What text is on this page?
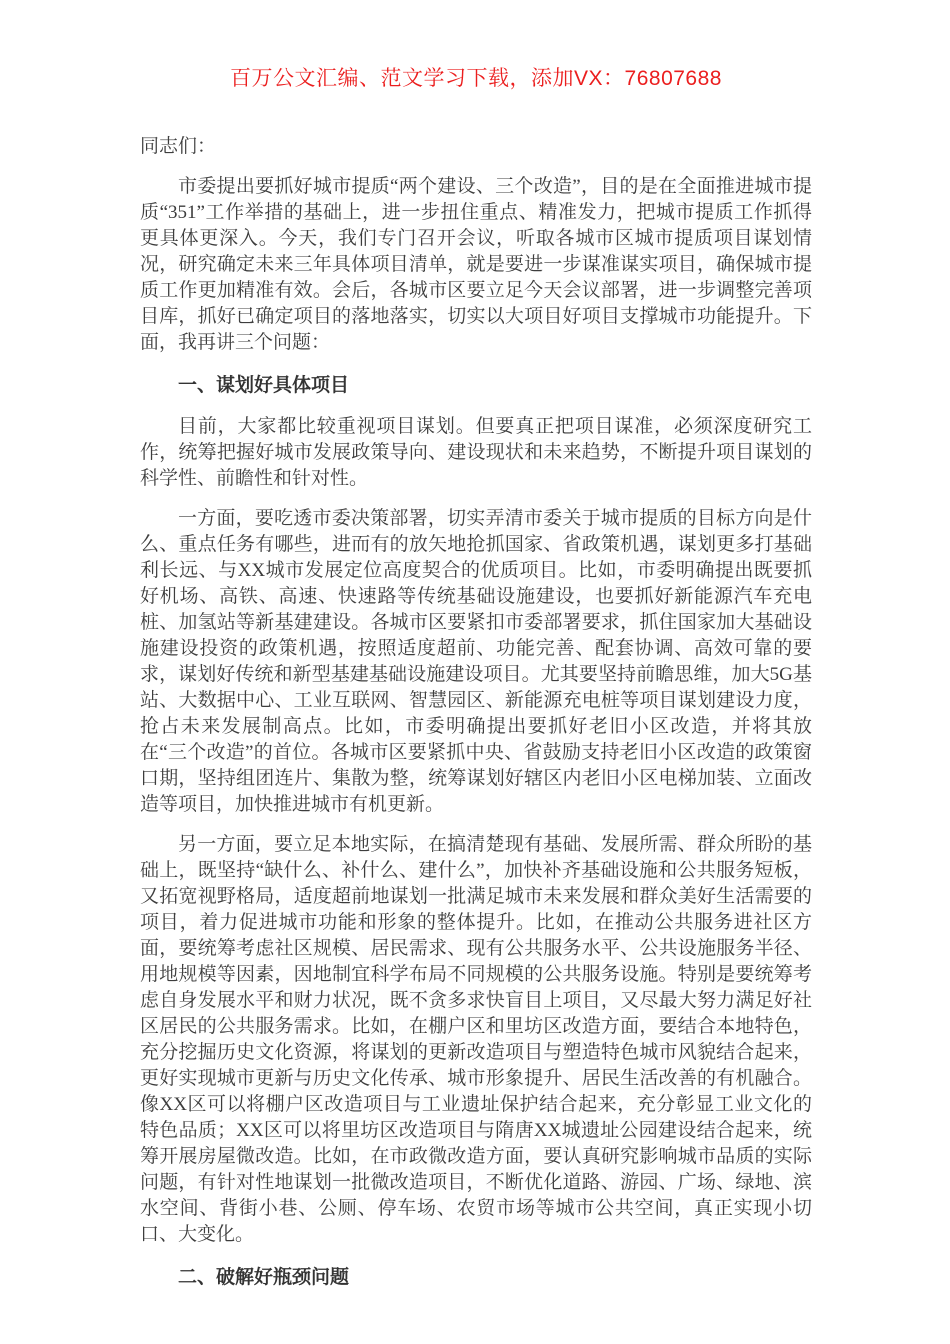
百万公文汇编、范文学习下载，添加VX：76807688

同志们：

市委提出要抓好城市提质“两个建设、三个改造”，目的是在全面推进城市提质“351”工作举措的基础上，进一步扭住重点、精准发力，把城市提质工作抓得更具体更深入。今天，我们专门召开会议，听取各城市区城市提质项目谋划情况，研究确定未来三年具体项目清单，就是要进一步谋准谋实项目，确保城市提质工作更加精准有效。会后，各城市区要立足今天会议部署，进一步调整完善项目库，抓好已确定项目的落地落实，切实以大项目好项目支撑城市功能提升。下面，我再讲三个问题：

一、谋划好具体项目

目前，大家都比较重视项目谋划。但要真正把项目谋准，必须深度研究工作，统筹把握好城市发展政策导向、建设现状和未来趋势，不断提升项目谋划的科学性、前瞻性和针对性。

一方面，要吃透市委决策部署，切实弄清市委关于城市提质的目标方向是什么、重点任务有哪些，进而有的放矢地抢抓国家、省政策机遇，谋划更多打基础利长远、与XX城市发展定位高度契合的优质项目。比如，市委明确提出既要抓好机场、高铁、高速、快速路等传统基础设施建设，也要抓好新能源汽车充电桩、加氢站等新基建建设。各城市区要紧扣市委部署要求，抓住国家加大基础设施建设投资的政策机遇，按照适度超前、功能完善、配套协调、高效可靠的要求，谋划好传统和新型基建基础设施建设项目。尤其要坚持前瞻思维，加大5G基站、大数据中心、工业互联网、智慧园区、新能源充电桩等项目谋划建设力度，抢占未来发展制高点。比如，市委明确提出要抓好老旧小区改造，并将其放在“三个改造”的首位。各城市区要紧抓中央、省鼓励支持老旧小区改造的政策窗口期，坚持组团连片、集散为整，统筹谋划好辖区内老旧小区电梯加装、立面改造等项目，加快推进城市有机更新。

另一方面，要立足本地实际，在搞清楚现有基础、发展所需、群众所盼的基础上，既坚持“缺什么、补什么、建什么”，加快补齐基础设施和公共服务短板，又拓宽视野格局，适度超前地谋划一批满足城市未来发展和群众美好生活需要的项目，着力促进城市功能和形象的整体提升。比如，在推动公共服务进社区方面，要统筹考虑社区规模、居民需求、现有公共服务水平、公共设施服务半径、用地规模等因素，因地制宜科学布局不同规模的公共服务设施。特别是要统筹考虑自身发展水平和财力状况，既不贪多求快盲目上项目，又尽最大努力满足好社区居民的公共服务需求。比如，在棚户区和里坊区改造方面，要结合本地特色，充分挖掘历史文化资源，将谋划的更新改造项目与塑造特色城市风貌结合起来，更好实现城市更新与历史文化传承、城市形象提升、居民生活改善的有机融合。像XX区可以将棚户区改造项目与工业遗址保护结合起来，充分彰显工业文化的特色品质；XX区可以将里坊区改造项目与隋唐XX城遗址公园建设结合起来，统筹开展房屋微改造。比如，在市政微改造方面，要认真研究影响城市品质的实际问题，有针对性地谋划一批微改造项目，不断优化道路、游园、广场、绿地、滨水空间、背街小巷、公厕、停车场、农贸市场等城市公共空间，真正实现小切口、大变化。

二、破解好瓶颈问题
